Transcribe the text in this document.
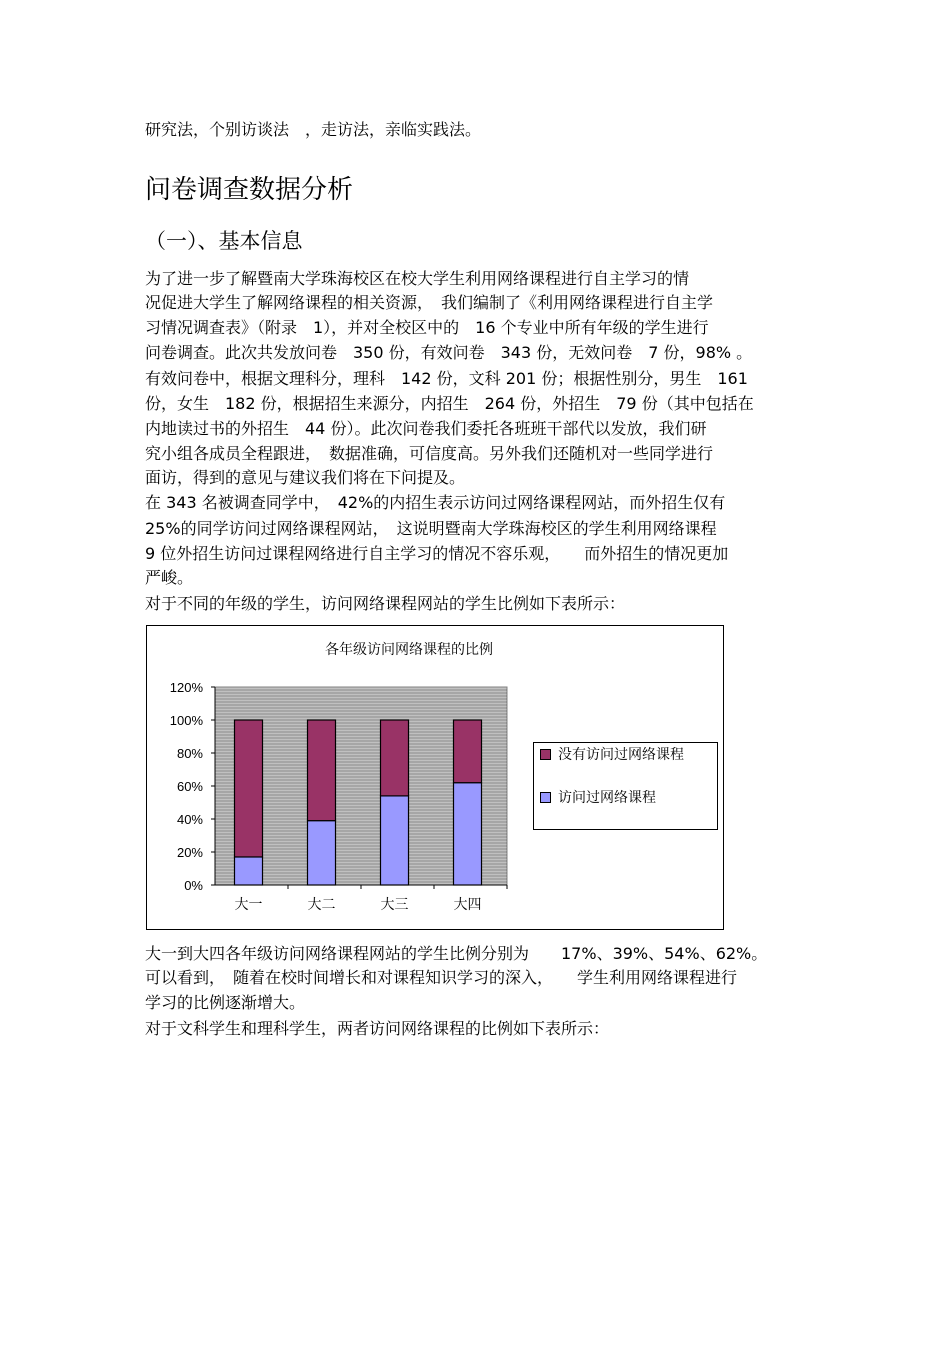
研究法，个别访谈法　，走访法，亲临实践法。
问卷调查数据分析
（一）、基本信息
为了进一步了解暨南大学珠海校区在校大学生利用网络课程进行自主学习的情
况促进大学生了解网络课程的相关资源，　我们编制了《利用网络课程进行自主学
习情况调查表》（附录　1），并对全校区中的　16 个专业中所有年级的学生进行
问卷调查。此次共发放问卷　350 份，有效问卷　343 份，无效问卷　7 份，98% 。
有效问卷中，根据文理科分，理科　142 份，文科 201 份；根据性别分，男生　161
份，女生　182 份，根据招生来源分，内招生　264 份，外招生　79 份（其中包括在
内地读过书的外招生　44 份）。此次问卷我们委托各班班干部代以发放，我们研
究小组各成员全程跟进，　数据准确，可信度高。另外我们还随机对一些同学进行
面访，得到的意见与建议我们将在下问提及。
在 343 名被调查同学中，　42%的内招生表示访问过网络课程网站，而外招生仅有
25%的同学访问过网络课程网站，　这说明暨南大学珠海校区的学生利用网络课程
9 位外招生访问过课程网络进行自主学习的情况不容乐观，　　而外招生的情况更加
严峻。
对于不同的年级的学生，访问网络课程网站的学生比例如下表所示：
0%
20%
40%
60%
80%
100%
120%
各年级访问网络课程的比例
大一	大二	大三	大四
没有访问过网络课程
访问过网络课程
大一到大四各年级访问网络课程网站的学生比例分别为　　17%、39%、54%、62%。
可以看到，　随着在校时间增长和对课程知识学习的深入，　　学生利用网络课程进行
学习的比例逐渐增大。
对于文科学生和理科学生，两者访问网络课程的比例如下表所示：
